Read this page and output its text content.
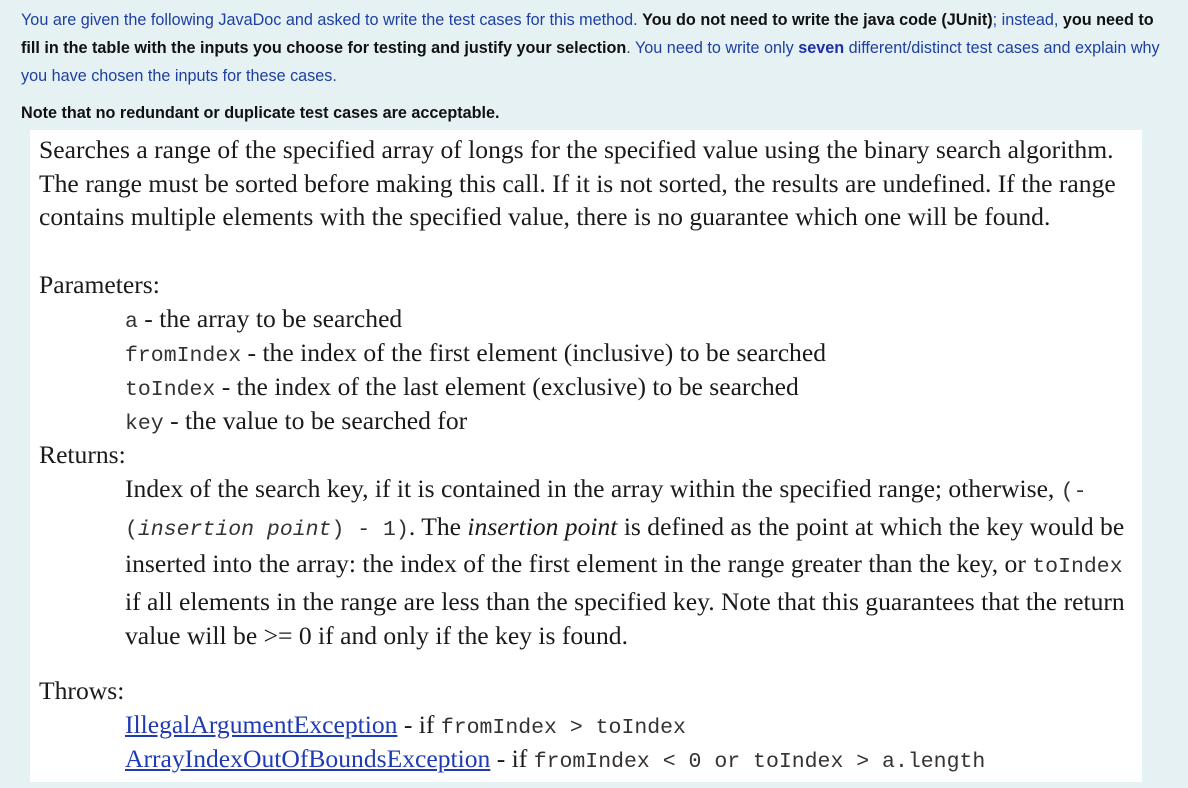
You are given the following JavaDoc and asked to write the test cases for this method. You do not need to write the java code (JUnit); instead, you need to fill in the table with the inputs you choose for testing and justify your selection. You need to write only seven different/distinct test cases and explain why you have chosen the inputs for these cases.

Note that no redundant or duplicate test cases are acceptable.

Searches a range of the specified array of longs for the specified value using the binary search algorithm. The range must be sorted before making this call. If it is not sorted, the results are undefined. If the range contains multiple elements with the specified value, there is no guarantee which one will be found.

Parameters:

a - the array to be searched

fromIndex - the index of the first element (inclusive) to be searched

toIndex - the index of the last element (exclusive) to be searched

key - the value to be searched for

Returns:

Index of the search key, if it is contained in the array within the specified range; otherwise, (-(insertion point) - 1). The insertion point is defined as the point at which the key would be inserted into the array: the index of the first element in the range greater than the key, or toIndex if all elements in the range are less than the specified key. Note that this guarantees that the return value will be >= 0 if and only if the key is found.

Throws:

IllegalArgumentException - if fromIndex > toIndex

ArrayIndexOutOfBoundsException - if fromIndex < 0 or toIndex > a.length
